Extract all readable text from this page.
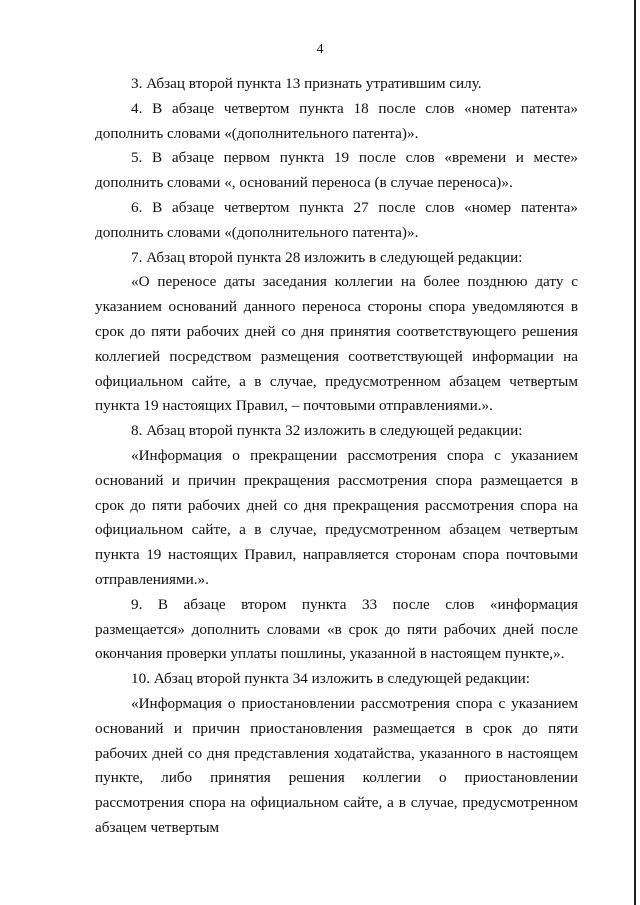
4

3. Абзац второй пункта 13 признать утратившим силу.

4. В абзаце четвертом пункта 18 после слов «номер патента» дополнить словами «(дополнительного патента)».

5. В абзаце первом пункта 19 после слов «времени и месте» дополнить словами «, оснований переноса (в случае переноса)».

6. В абзаце четвертом пункта 27 после слов «номер патента» дополнить словами «(дополнительного патента)».

7. Абзац второй пункта 28 изложить в следующей редакции:

«О переносе даты заседания коллегии на более позднюю дату с указанием оснований данного переноса стороны спора уведомляются в срок до пяти рабочих дней со дня принятия соответствующего решения коллегией посредством размещения соответствующей информации на официальном сайте, а в случае, предусмотренном абзацем четвертым пункта 19 настоящих Правил, – почтовыми отправлениями.».

8. Абзац второй пункта 32 изложить в следующей редакции:

«Информация о прекращении рассмотрения спора с указанием оснований и причин прекращения рассмотрения спора размещается в срок до пяти рабочих дней со дня прекращения рассмотрения спора на официальном сайте, а в случае, предусмотренном абзацем четвертым пункта 19 настоящих Правил, направляется сторонам спора почтовыми отправлениями.».

9. В абзаце втором пункта 33 после слов «информация размещается» дополнить словами «в срок до пяти рабочих дней после окончания проверки уплаты пошлины, указанной в настоящем пункте,».

10. Абзац второй пункта 34 изложить в следующей редакции:

«Информация о приостановлении рассмотрения спора с указанием оснований и причин приостановления размещается в срок до пяти рабочих дней со дня представления ходатайства, указанного в настоящем пункте, либо принятия решения коллегии о приостановлении рассмотрения спора на официальном сайте, а в случае, предусмотренном абзацем четвертым
